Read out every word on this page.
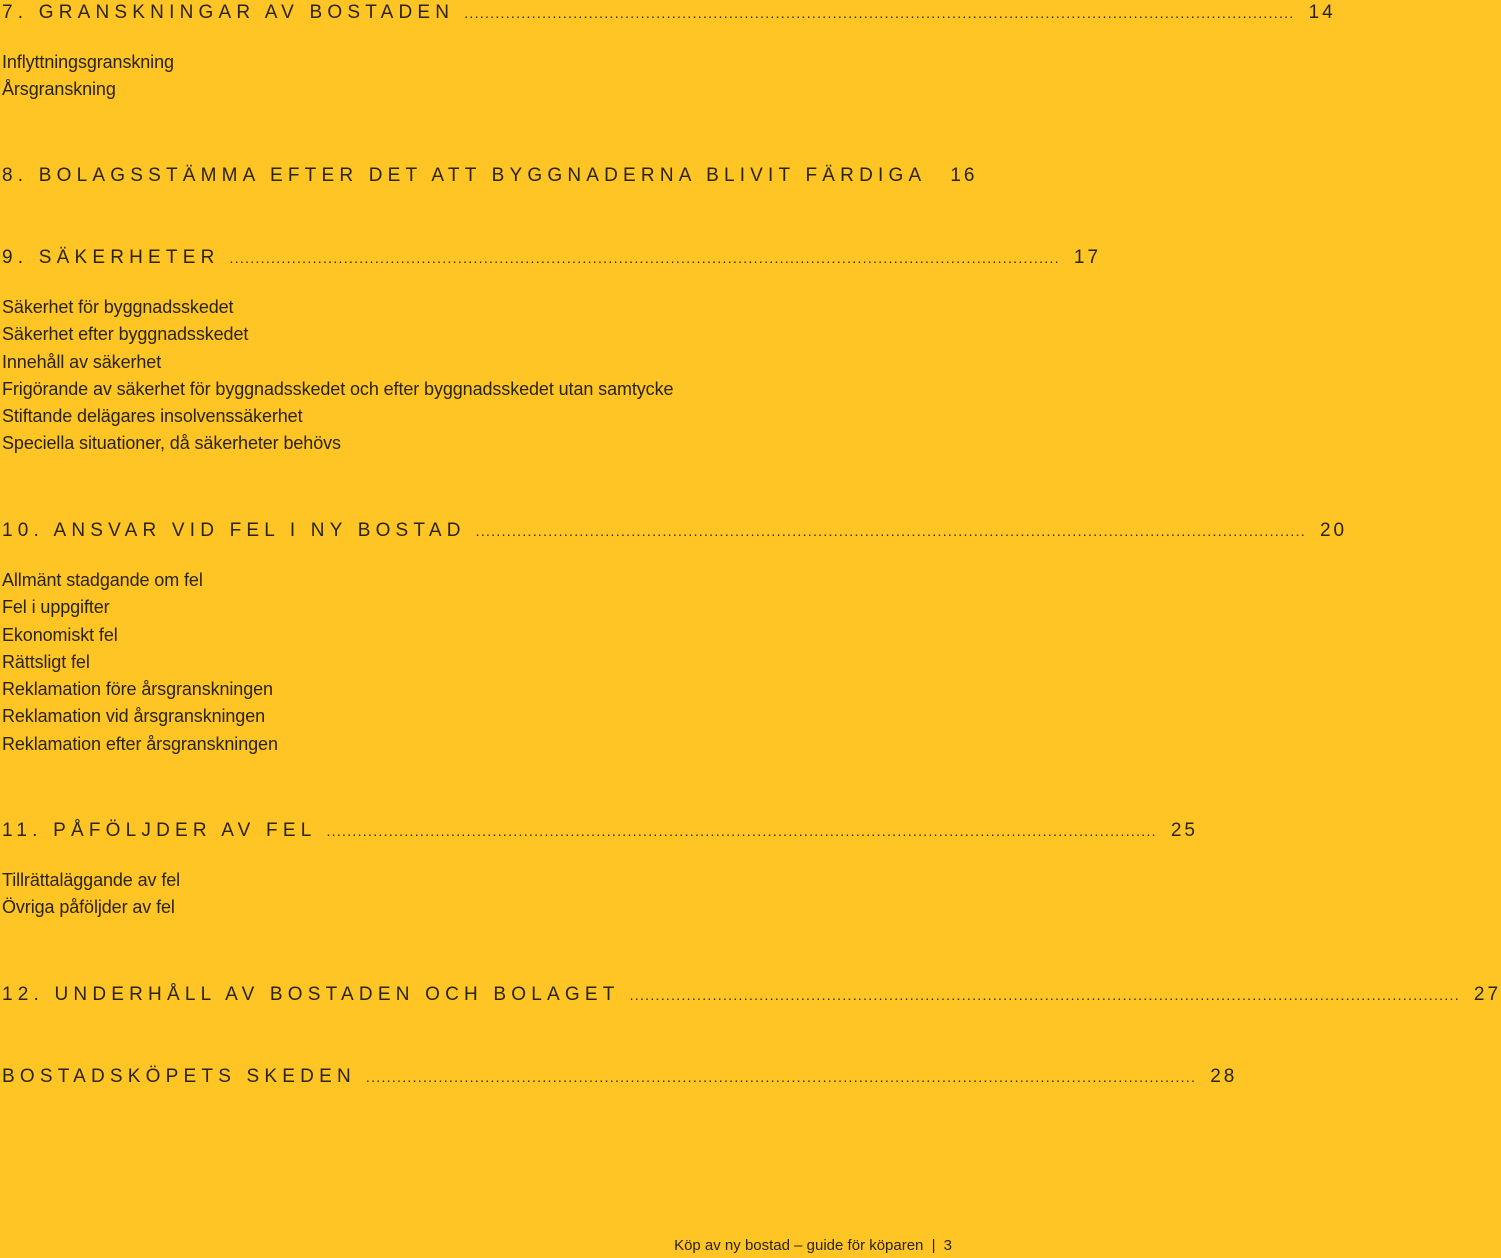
7. GRANSKNINGAR AV BOSTADEN ................................................................................................................................................................ 14
Inflyttningsgranskning
Årsgranskning
8. BOLAGSSTÄMMA EFTER DET ATT BYGGNADERNA BLIVIT FÄRDIGA 16
9. SÄKERHETER ................................................................................................................................................................ 17
Säkerhet för byggnadsskedet
Säkerhet efter byggnadsskedet
Innehåll av säkerhet
Frigörande av säkerhet för byggnadsskedet och efter byggnadsskedet utan samtycke
Stiftande delägares insolvenssäkerhet
Speciella situationer, då säkerheter behövs
10. ANSVAR VID FEL I NY BOSTAD ................................................................................................................................................................ 20
Allmänt stadgande om fel
Fel i uppgifter
Ekonomiskt fel
Rättsligt fel
Reklamation före årsgranskningen
Reklamation vid årsgranskningen
Reklamation efter årsgranskningen
11. PÅFÖLJDER AV FEL ................................................................................................................................................................ 25
Tillrättaläggande av fel
Övriga påföljder av fel
12. UNDERHÅLL AV BOSTADEN OCH BOLAGET ................................................................................................................................................................ 27
BOSTADSKÖPETS SKEDEN ................................................................................................................................................................ 28
Köp av ny bostad – guide för köparen | 3
